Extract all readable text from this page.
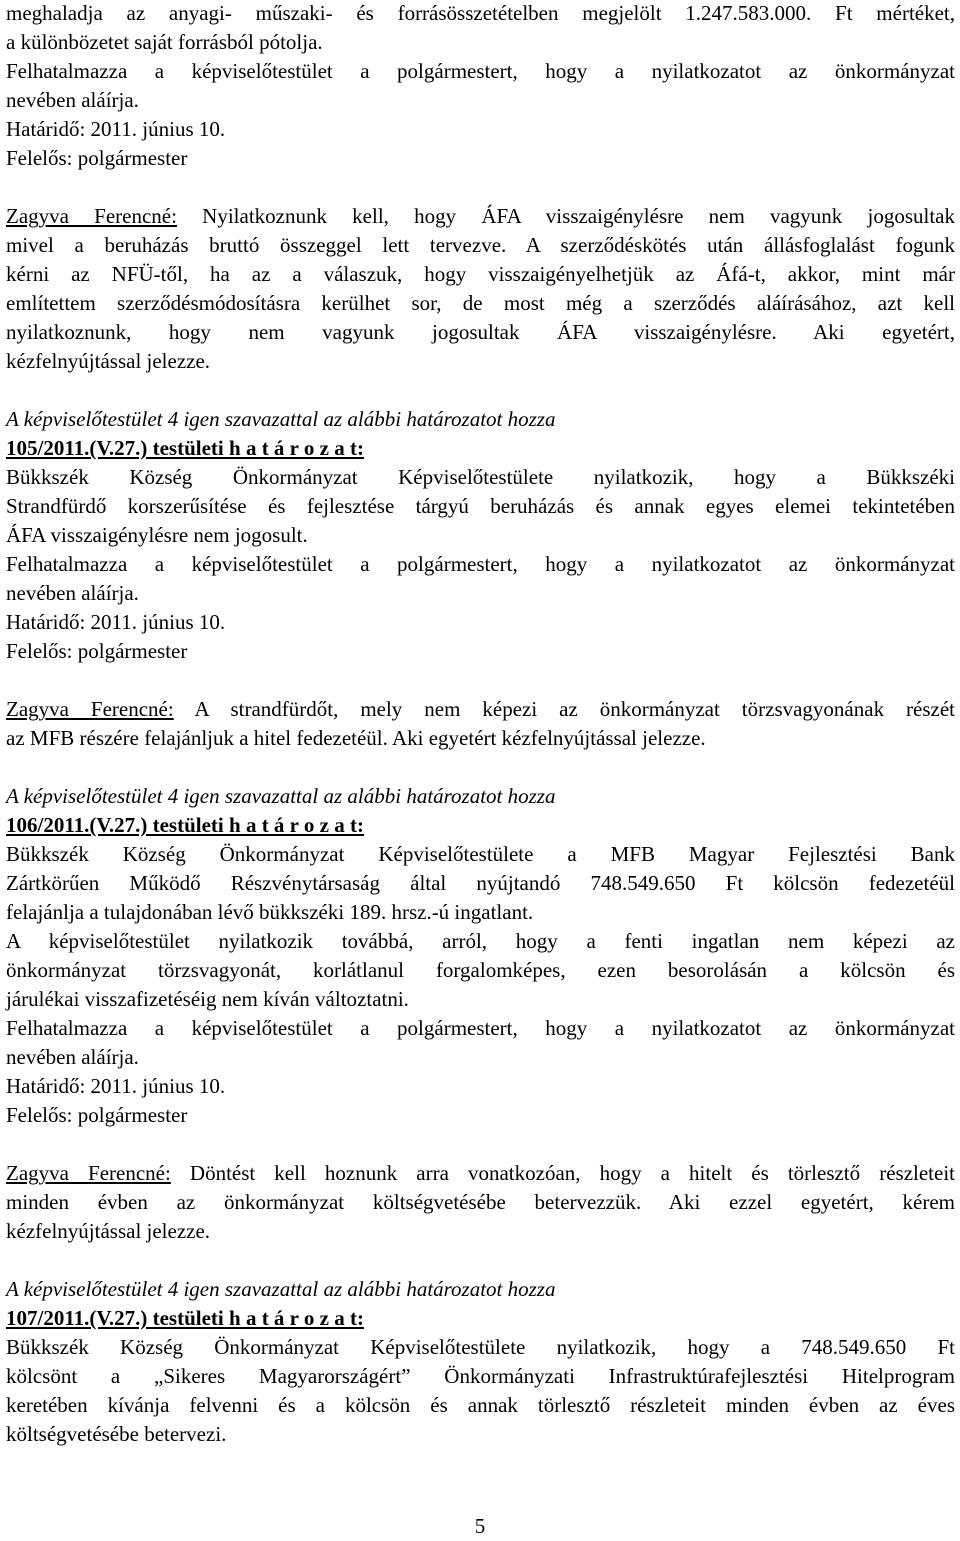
meghaladja az anyagi- műszaki- és forrásösszetételben megjelölt 1.247.583.000. Ft mértéket,
a különbözetet saját forrásból pótolja.
Felhatalmazza a képviselőtestület a polgármestert, hogy a nyilatkozatot az önkormányzat
nevében aláírja.
Határidő: 2011. június 10.
Felelős: polgármester
Zagyva Ferencné: Nyilatkoznunk kell, hogy ÁFA visszaigénylésre nem vagyunk jogosultak
mivel a beruházás bruttó összeggel lett tervezve. A szerződéskötés után állásfoglalást fogunk
kérni az NFÜ-től, ha az a válaszuk, hogy visszaigényelhetjük az Áfá-t, akkor, mint már
említettem szerződésmódosításra kerülhet sor, de most még a szerződés aláírásához, azt kell
nyilatkoznunk, hogy nem vagyunk jogosultak ÁFA visszaigénylésre. Aki egyetért,
kézfelnyújtással jelezze.
A képviselőtestület 4 igen szavazattal az alábbi határozatot hozza
105/2011.(V.27.) testületi h a t á r o z a t:
Bükkszék Község Önkormányzat Képviselőtestülete nyilatkozik, hogy a Bükkszéki
Strandfürdő korszerűsítése és fejlesztése tárgyú beruházás és annak egyes elemei tekintetében
ÁFA visszaigénylésre nem jogosult.
Felhatalmazza a képviselőtestület a polgármestert, hogy a nyilatkozatot az önkormányzat
nevében aláírja.
Határidő: 2011. június 10.
Felelős: polgármester
Zagyva Ferencné: A strandfürdőt, mely nem képezi az önkormányzat törzsvagyonának részét
az MFB részére felajánljuk a hitel fedezetéül. Aki egyetért kézfelnyújtással jelezze.
A képviselőtestület 4 igen szavazattal az alábbi határozatot hozza
106/2011.(V.27.) testületi h a t á r o z a t:
Bükkszék Község Önkormányzat Képviselőtestülete a MFB Magyar Fejlesztési Bank
Zártkörűen Működő Részvénytársaság által nyújtandó 748.549.650 Ft kölcsön fedezetéül
felajánlja a tulajdonában lévő bükkszéki 189. hrsz.-ú ingatlant.
A képviselőtestület nyilatkozik továbbá, arról, hogy a fenti ingatlan nem képezi az
önkormányzat törzsvagyonát, korlátlanul forgalomképes, ezen besorolásán a kölcsön és
járulékai visszafizetéséig nem kíván változtatni.
Felhatalmazza a képviselőtestület a polgármestert, hogy a nyilatkozatot az önkormányzat
nevében aláírja.
Határidő: 2011. június 10.
Felelős: polgármester
Zagyva Ferencné: Döntést kell hoznunk arra vonatkozóan, hogy a hitelt és törlesztő részleteit
minden évben az önkormányzat költségvetésébe betervezzük. Aki ezzel egyetért, kérem
kézfelnyújtással jelezze.
A képviselőtestület 4 igen szavazattal az alábbi határozatot hozza
107/2011.(V.27.) testületi h a t á r o z a t:
Bükkszék Község Önkormányzat Képviselőtestülete nyilatkozik, hogy a 748.549.650 Ft
kölcsönt a „Sikeres Magyarországért” Önkormányzati Infrastruktúrafejlesztési Hitelprogram
keretében kívánja felvenni és a kölcsön és annak törlesztő részleteit minden évben az éves
költségvetésébe betervezi.
5
